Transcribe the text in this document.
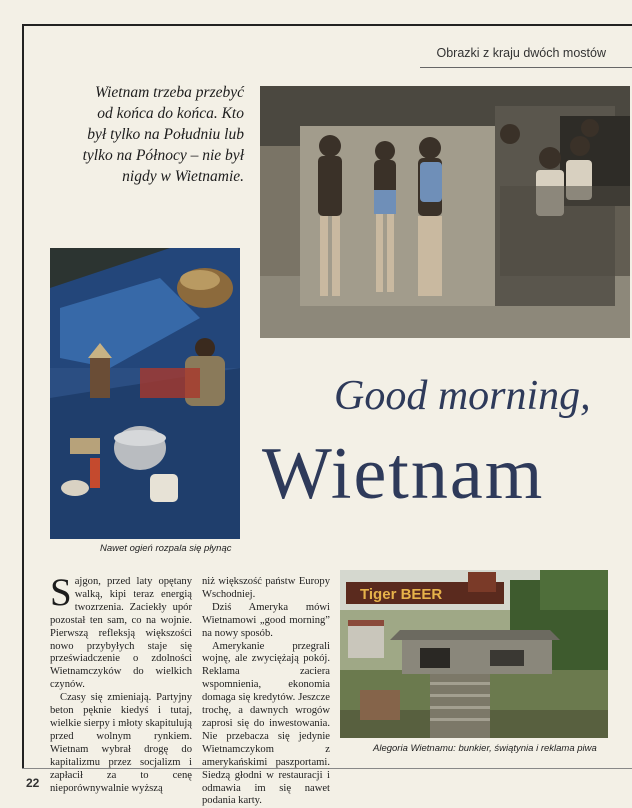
Obrazki z kraju dwóch mostów
Wietnam trzeba przebyć od końca do końca. Kto był tylko na Południu lub tylko na Północy – nie był nigdy w Wietnamie.
Nawet ogień rozpala się płynąc
Good morning,
Wietnam

Sajgon, przed laty opętany walką, kipi teraz energią twozrzenia. Zaciekły upór pozostał ten sam, co na wojnie. Pierwszą refleksją większości nowo przybyłych staje się przeświadczenie o zdolności Wietnamczyków do wielkich czynów.

Czasy się zmieniają. Partyjny beton pęknie kiedyś i tutaj, wielkie sierpy i młoty skapitulują przed wolnym rynkiem. Wietnam wybrał drogę do kapitalizmu przez socjalizm i zapłacił za to cenę nieporównywalnie wyższą

niż większość państw Europy Wschodniej.

Dziś Ameryka mówi Wietnamowi „good morning” na nowy sposób.

Amerykanie przegrali wojnę, ale zwyciężają pokój. Reklama zaciera wspomnienia, ekonomia domaga się kredytów. Jeszcze trochę, a dawnych wrogów zaprosi się do inwestowania. Nie przebacza się jedynie Wietnamczykom z amerykańskimi paszportami. Siedzą głodni w restauracji i odmawia im się nawet podania karty.

Tiger BEER
Alegoria Wietnamu: bunkier, świątynia i reklama piwa
22
